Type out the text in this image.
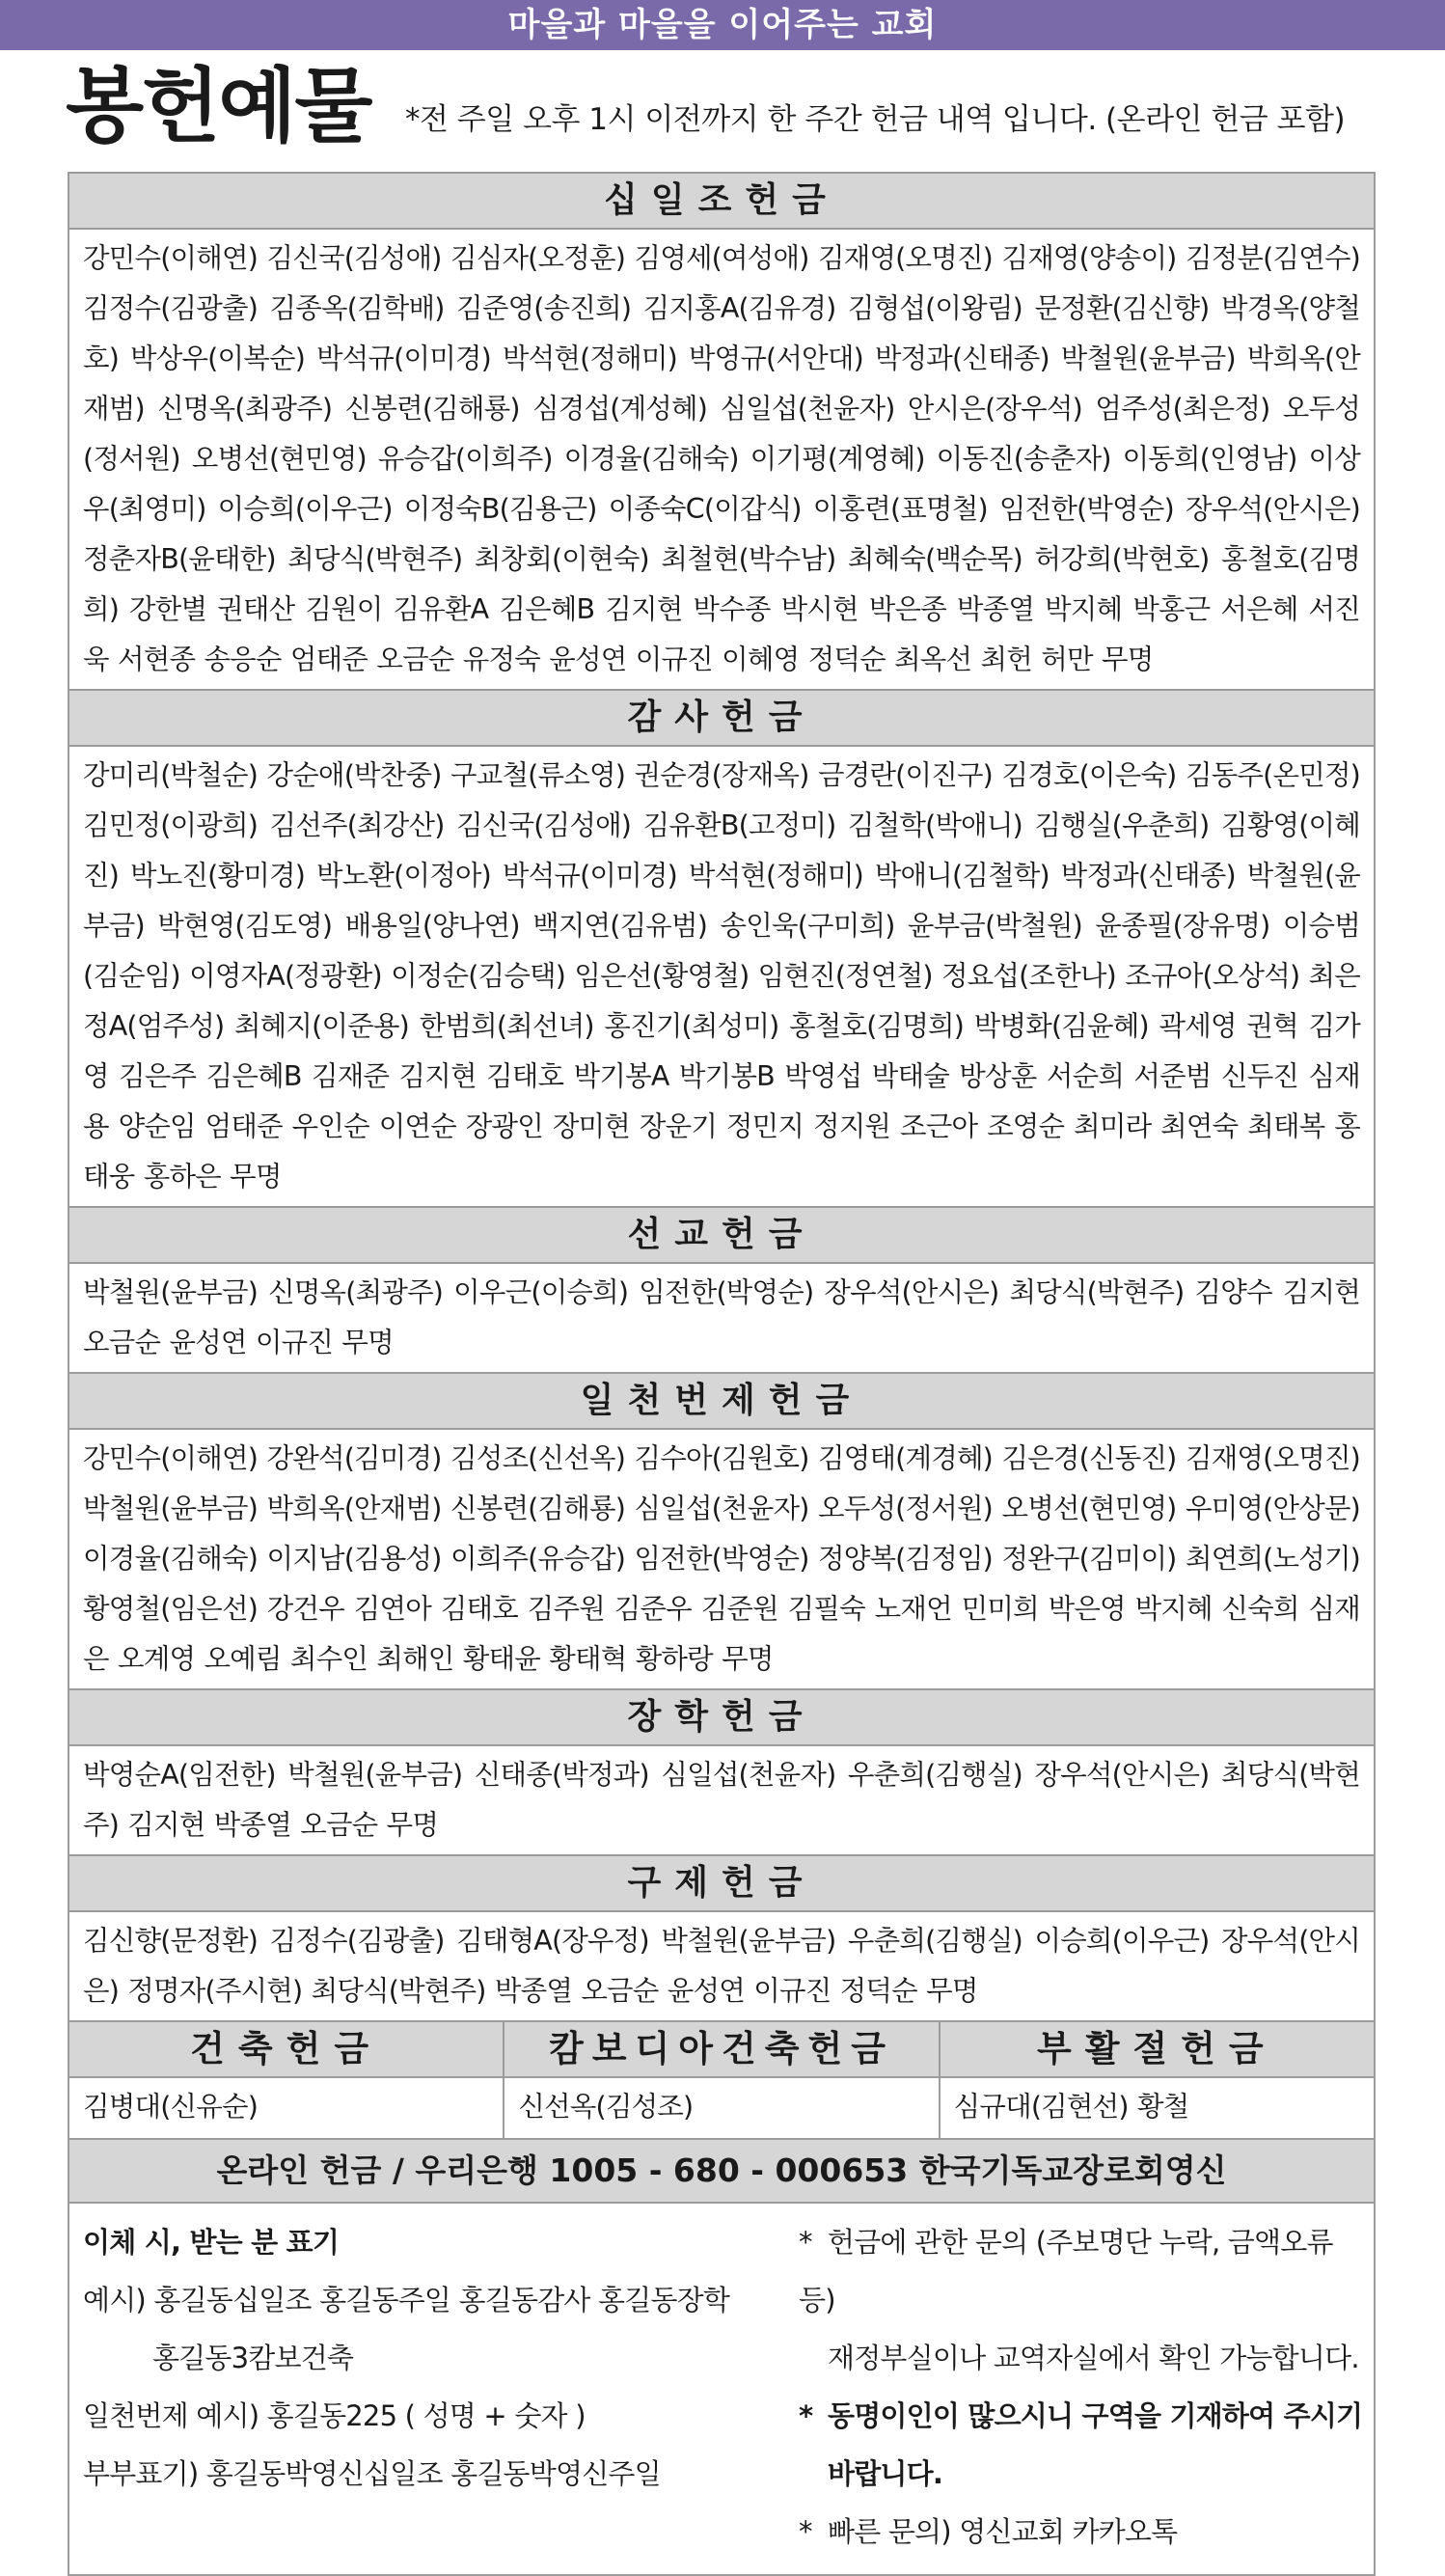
마을과 마을을 이어주는 교회
봉헌예물 *전 주일 오후 1시 이전까지 한 주간 헌금 내역 입니다. (온라인 헌금 포함)
십일조헌금
강민수(이해연) 김신국(김성애) 김심자(오정훈) 김영세(여성애) 김재영(오명진) 김재영(양송이) 김정분(김연수) 김정수(김광출) 김종옥(김학배) 김준영(송진희) 김지홍A(김유경) 김형섭(이왕림) 문정환(김신향) 박경옥(양철호) 박상우(이복순) 박석규(이미경) 박석현(정해미) 박영규(서안대) 박정과(신태종) 박철원(윤부금) 박희옥(안재범) 신명옥(최광주) 신봉련(김해룡) 심경섭(계성혜) 심일섭(천윤자) 안시은(장우석) 엄주성(최은정) 오두성(정서원) 오병선(현민영) 유승갑(이희주) 이경율(김해숙) 이기평(계영혜) 이동진(송춘자) 이동희(인영남) 이상우(최영미) 이승희(이우근) 이정숙B(김용근) 이종숙C(이갑식) 이홍련(표명철) 임전한(박영순) 장우석(안시은) 정춘자B(윤태한) 최당식(박현주) 최창회(이현숙) 최철현(박수남) 최혜숙(백순목) 허강희(박현호) 홍철호(김명희) 강한별 권태산 김원이 김유환A 김은혜B 김지현 박수종 박시현 박은종 박종열 박지혜 박홍근 서은혜 서진욱 서현종 송응순 엄태준 오금순 유정숙 윤성연 이규진 이혜영 정덕순 최옥선 최헌 허만 무명
감사헌금
강미리(박철순) 강순애(박찬중) 구교철(류소영) 권순경(장재옥) 금경란(이진구) 김경호(이은숙) 김동주(온민정) 김민정(이광희) 김선주(최강산) 김신국(김성애) 김유환B(고정미) 김철학(박애니) 김행실(우춘희) 김황영(이혜진) 박노진(황미경) 박노환(이정아) 박석규(이미경) 박석현(정해미) 박애니(김철학) 박정과(신태종) 박철원(윤부금) 박현영(김도영) 배용일(양나연) 백지연(김유범) 송인욱(구미희) 윤부금(박철원) 윤종필(장유명) 이승범(김순임) 이영자A(정광환) 이정순(김승택) 임은선(황영철) 임현진(정연철) 정요섭(조한나) 조규아(오상석) 최은정A(엄주성) 최혜지(이준용) 한범희(최선녀) 홍진기(최성미) 홍철호(김명희) 박병화(김윤혜) 곽세영 권혁 김가영 김은주 김은혜B 김재준 김지현 김태호 박기봉A 박기봉B 박영섭 박태술 방상훈 서순희 서준범 신두진 심재용 양순임 엄태준 우인순 이연순 장광인 장미현 장운기 정민지 정지원 조근아 조영순 최미라 최연숙 최태복 홍태웅 홍하은 무명
선교헌금
박철원(윤부금) 신명옥(최광주) 이우근(이승희) 임전한(박영순) 장우석(안시은) 최당식(박현주) 김양수 김지현 오금순 윤성연 이규진 무명
일천번제헌금
강민수(이해연) 강완석(김미경) 김성조(신선옥) 김수아(김원호) 김영태(계경혜) 김은경(신동진) 김재영(오명진) 박철원(윤부금) 박희옥(안재범) 신봉련(김해룡) 심일섭(천윤자) 오두성(정서원) 오병선(현민영) 우미영(안상문) 이경율(김해숙) 이지남(김용성) 이희주(유승갑) 임전한(박영순) 정양복(김정임) 정완구(김미이) 최연희(노성기) 황영철(임은선) 강건우 김연아 김태호 김주원 김준우 김준원 김필숙 노재언 민미희 박은영 박지혜 신숙희 심재은 오계영 오예림 최수인 최해인 황태윤 황태혁 황하랑 무명
장학헌금
박영순A(임전한) 박철원(윤부금) 신태종(박정과) 심일섭(천윤자) 우춘희(김행실) 장우석(안시은) 최당식(박현주) 김지현 박종열 오금순 무명
구제헌금
김신향(문정환) 김정수(김광출) 김태형A(장우정) 박철원(윤부금) 우춘희(김행실) 이승희(이우근) 장우석(안시은) 정명자(주시현) 최당식(박현주) 박종열 오금순 윤성연 이규진 정덕순 무명
건축헌금
김병대(신유순)
캄보디아건축헌금
신선옥(김성조)
부활절헌금
심규대(김현선) 황철
온라인 헌금 / 우리은행 1005 - 680 - 000653 한국기독교장로회영신
이체 시, 받는 분 표기
예시) 홍길동십일조 홍길동주일 홍길동감사 홍길동장학
홍길동3캄보건축
일천번제 예시) 홍길동225 ( 성명 + 숫자 )
부부표기) 홍길동박영신십일조 홍길동박영신주일
* 헌금에 관한 문의 (주보명단 누락, 금액오류 등)
재정부실이나 교역자실에서 확인 가능합니다.
* 동명이인이 많으시니 구역을 기재하여 주시기
바랍니다.
* 빠른 문의) 영신교회 카카오톡
